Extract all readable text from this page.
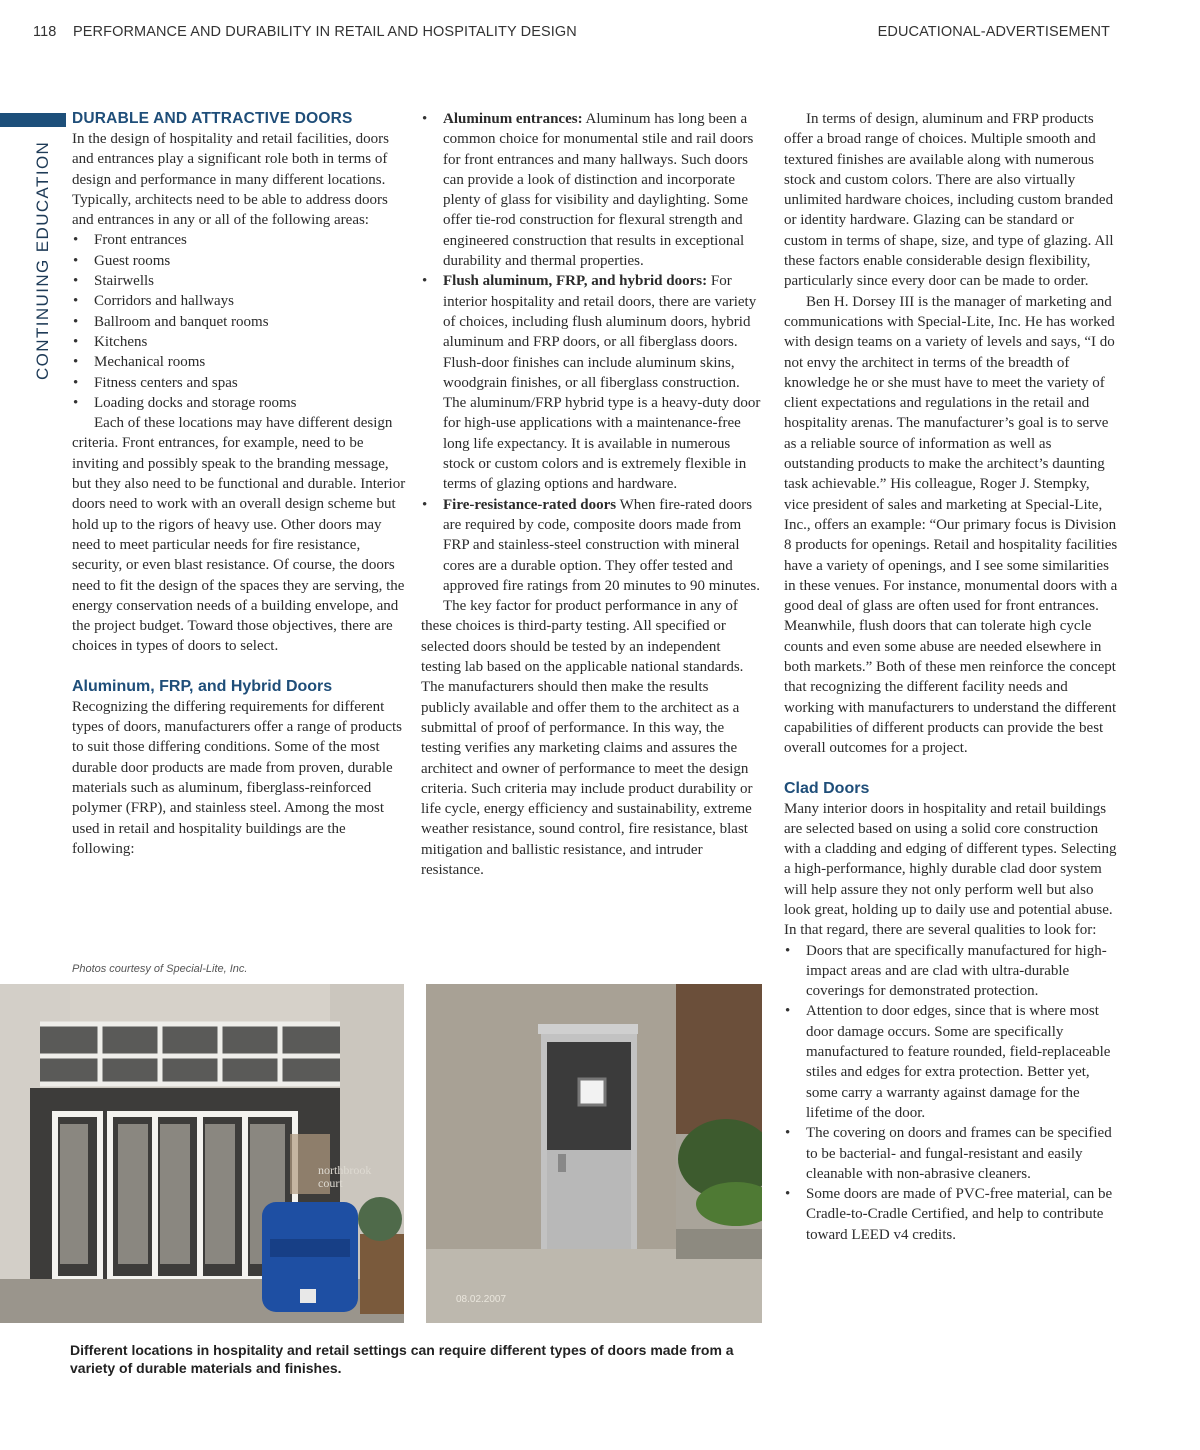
118 PERFORMANCE AND DURABILITY IN RETAIL AND HOSPITALITY DESIGN	EDUCATIONAL-ADVERTISEMENT
CONTINUING EDUCATION

DURABLE AND ATTRACTIVE DOORS

In the design of hospitality and retail facilities, doors and entrances play a significant role both in terms of design and performance in many different locations. Typically, architects need to be able to address doors and entrances in any or all of the following areas:

• Front entrances
• Guest rooms
• Stairwells
• Corridors and hallways
• Ballroom and banquet rooms
• Kitchens
• Mechanical rooms
• Fitness centers and spas
• Loading docks and storage rooms

Each of these locations may have different design criteria. Front entrances, for example, need to be inviting and possibly speak to the branding message, but they also need to be functional and durable. Interior doors need to work with an overall design scheme but hold up to the rigors of heavy use. Other doors may need to meet particular needs for fire resistance, security, or even blast resistance. Of course, the doors need to fit the design of the spaces they are serving, the energy conservation needs of a building envelope, and the project budget. Toward those objectives, there are choices in types of doors to select.

Aluminum, FRP, and Hybrid Doors

Recognizing the differing requirements for different types of doors, manufacturers offer a range of products to suit those differing conditions. Some of the most durable door products are made from proven, durable materials such as aluminum, fiberglass-reinforced polymer (FRP), and stainless steel. Among the most used in retail and hospitality buildings are the following:

• Aluminum entrances: Aluminum has long been a common choice for monumental stile and rail doors for front entrances and many hallways. Such doors can provide a look of distinction and incorporate plenty of glass for visibility and daylighting. Some offer tie-rod construction for flexural strength and engineered construction that results in exceptional durability and thermal properties.
• Flush aluminum, FRP, and hybrid doors: For interior hospitality and retail doors, there are variety of choices, including flush aluminum doors, hybrid aluminum and FRP doors, or all fiberglass doors. Flush-door finishes can include aluminum skins, woodgrain finishes, or all fiberglass construction. The aluminum/FRP hybrid type is a heavy-duty door for high-use applications with a maintenance-free long life expectancy. It is available in numerous stock or custom colors and is extremely flexible in terms of glazing options and hardware.
• Fire-resistance-rated doors When fire-rated doors are required by code, composite doors made from FRP and stainless-steel construction with mineral cores are a durable option. They offer tested and approved fire ratings from 20 minutes to 90 minutes.

The key factor for product performance in any of these choices is third-party testing. All specified or selected doors should be tested by an independent testing lab based on the applicable national standards. The manufacturers should then make the results publicly available and offer them to the architect as a submittal of proof of performance. In this way, the testing verifies any marketing claims and assures the architect and owner of performance to meet the design criteria. Such criteria may include product durability or life cycle, energy efficiency and sustainability, extreme weather resistance, sound control, fire resistance, blast mitigation and ballistic resistance, and intruder resistance.

In terms of design, aluminum and FRP products offer a broad range of choices. Multiple smooth and textured finishes are available along with numerous stock and custom colors. There are also virtually unlimited hardware choices, including custom branded or identity hardware. Glazing can be standard or custom in terms of shape, size, and type of glazing. All these factors enable considerable design flexibility, particularly since every door can be made to order.

Ben H. Dorsey III is the manager of marketing and communications with Special-Lite, Inc. He has worked with design teams on a variety of levels and says, “I do not envy the architect in terms of the breadth of knowledge he or she must have to meet the variety of client expectations and regulations in the retail and hospitality arenas. The manufacturer’s goal is to serve as a reliable source of information as well as outstanding products to make the architect’s daunting task achievable.” His colleague, Roger J. Stempky, vice president of sales and marketing at Special-Lite, Inc., offers an example: “Our primary focus is Division 8 products for openings. Retail and hospitality facilities have a variety of openings, and I see some similarities in these venues. For instance, monumental doors with a good deal of glass are often used for front entrances. Meanwhile, flush doors that can tolerate high cycle counts and even some abuse are needed elsewhere in both markets.” Both of these men reinforce the concept that recognizing the different facility needs and working with manufacturers to understand the different capabilities of different products can provide the best overall outcomes for a project.

Clad Doors

Many interior doors in hospitality and retail buildings are selected based on using a solid core construction with a cladding and edging of different types. Selecting a high-performance, highly durable clad door system will help assure they not only perform well but also look great, holding up to daily use and potential abuse. In that regard, there are several qualities to look for:

• Doors that are specifically manufactured for high-impact areas and are clad with ultra-durable coverings for demonstrated protection.
• Attention to door edges, since that is where most door damage occurs. Some are specifically manufactured to feature rounded, field-replaceable stiles and edges for extra protection. Better yet, some carry a warranty against damage for the lifetime of the door.
• The covering on doors and frames can be specified to be bacterial- and fungal-resistant and easily cleanable with non-abrasive cleaners.
• Some doors are made of PVC-free material, can be Cradle-to-Cradle Certified, and help to contribute toward LEED v4 credits.
Photos courtesy of Special-Lite, Inc.
northbrook
court
08.02.2007
Different locations in hospitality and retail settings can require different types of doors made from a variety of durable materials and finishes.
